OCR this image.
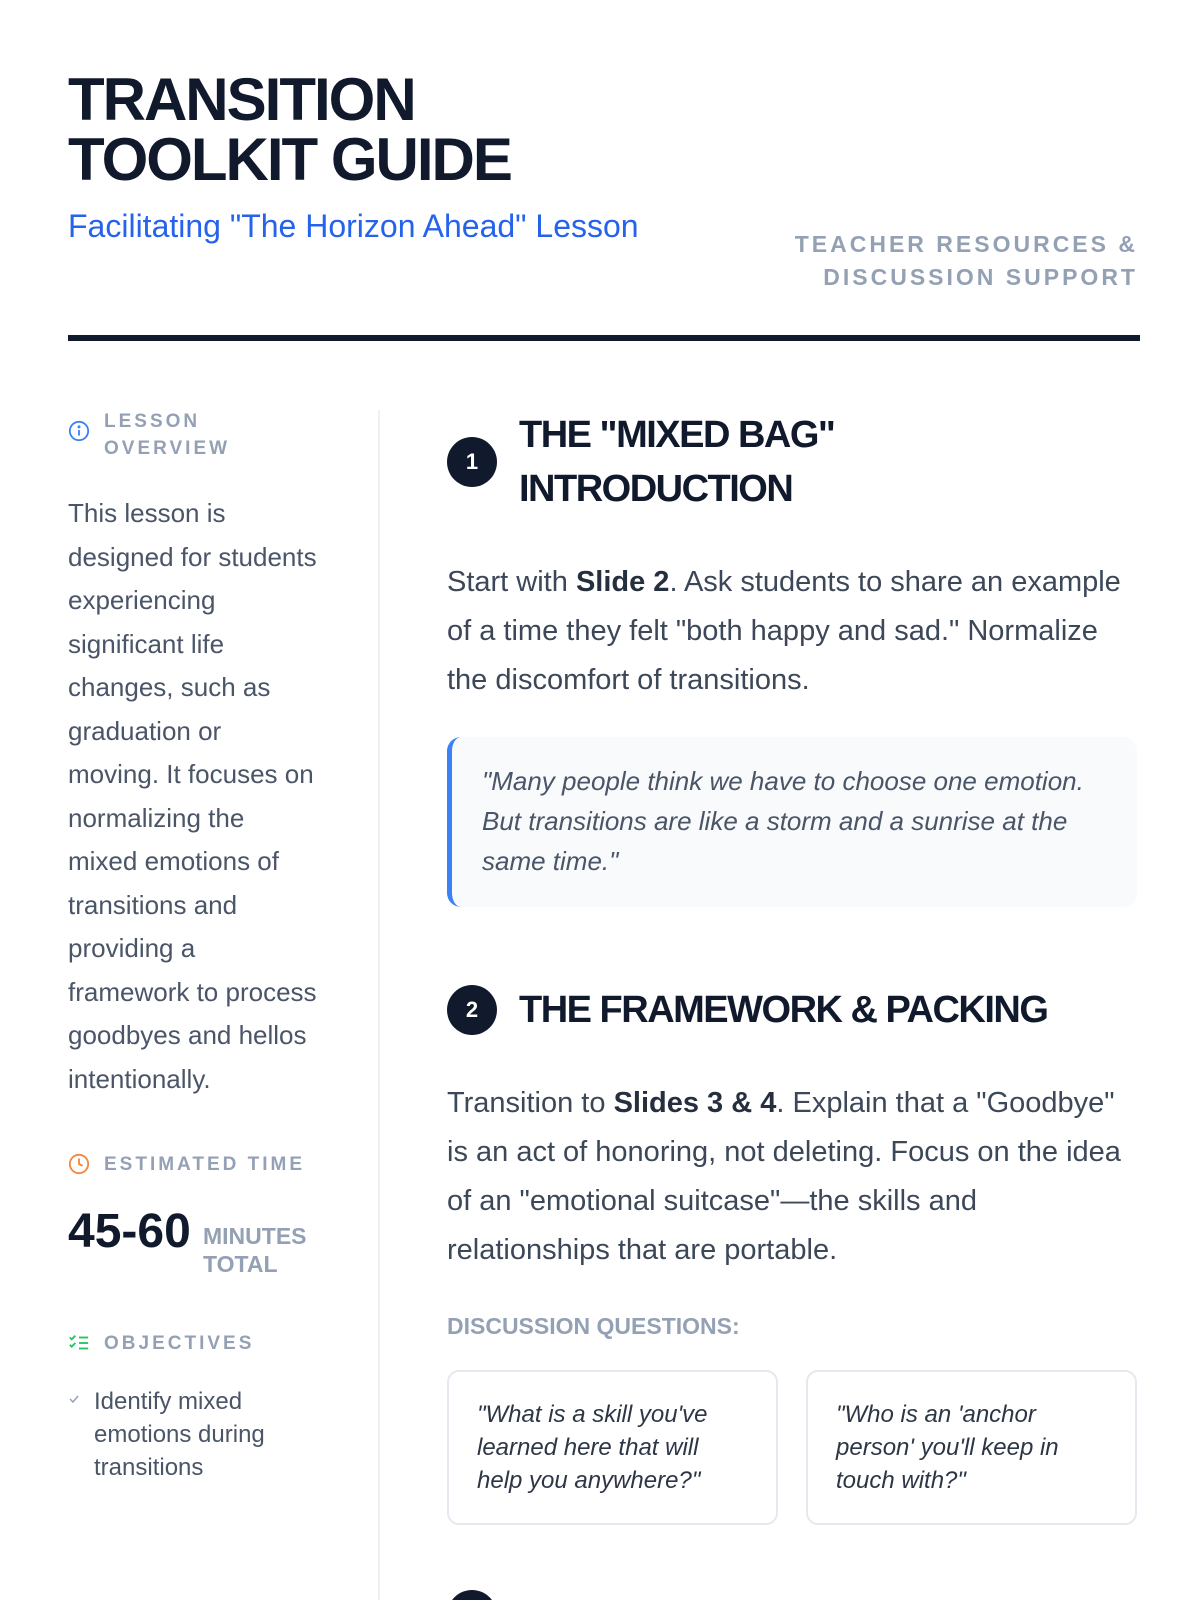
TRANSITION TOOLKIT GUIDE
Facilitating "The Horizon Ahead" Lesson	TEACHER RESOURCES & DISCUSSION SUPPORT
LESSON OVERVIEW

This lesson is designed for students experiencing significant life changes, such as graduation or moving. It focuses on normalizing the mixed emotions of transitions and providing a framework to process goodbyes and hellos intentionally.

ESTIMATED TIME
45-60 MINUTES TOTAL
OBJECTIVES
Identify mixed emotions during transitions
1
THE "MIXED BAG" INTRODUCTION

Start with Slide 2. Ask students to share an example of a time they felt "both happy and sad." Normalize the discomfort of transitions.

"Many people think we have to choose one emotion. But transitions are like a storm and a sunrise at the same time."
2	THE FRAMEWORK & PACKING

Transition to Slides 3 & 4. Explain that a "Goodbye" is an act of honoring, not deleting. Focus on the idea of an "emotional suitcase"—the skills and relationships that are portable.

DISCUSSION QUESTIONS:
"What is a skill you've learned here that will help you anywhere?"
"Who is an 'anchor person' you'll keep in touch with?"
